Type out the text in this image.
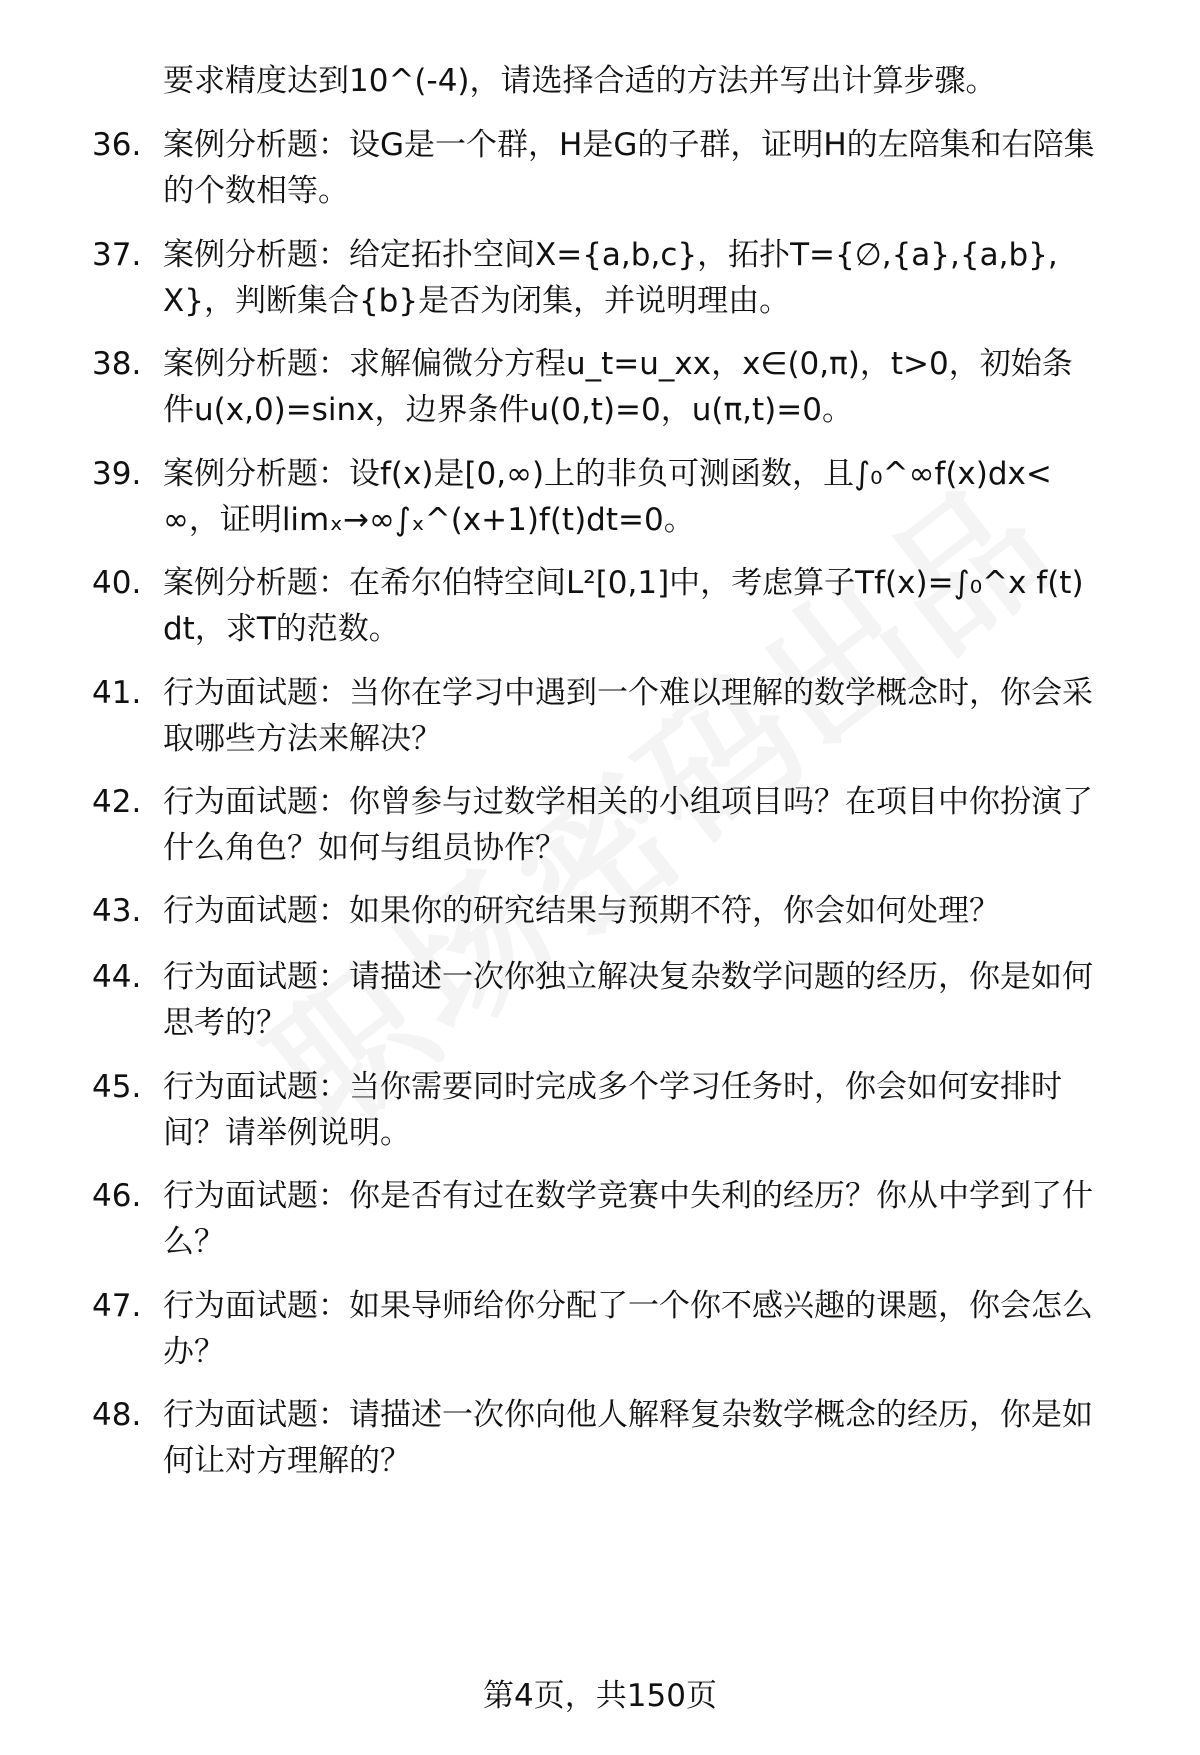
要求精度达到10^(-4)，请选择合适的方法并写出计算步骤。
36. 案例分析题：设G是一个群，H是G的子群，证明H的左陪集和右陪集的个数相等。
37. 案例分析题：给定拓扑空间X={a,b,c}，拓扑T={∅,{a},{a,b},X}，判断集合{b}是否为闭集，并说明理由。
38. 案例分析题：求解偏微分方程u_t=u_xx，x∈(0,π)，t>0，初始条件u(x,0)=sinx，边界条件u(0,t)=0，u(π,t)=0。
39. 案例分析题：设f(x)是[0,∞)上的非负可测函数，且∫₀^∞f(x)dx<∞，证明limₓ→∞∫ₓ^(x+1)f(t)dt=0。
40. 案例分析题：在希尔伯特空间L²[0,1]中，考虑算子Tf(x)=∫₀^x f(t)dt，求T的范数。
41. 行为面试题：当你在学习中遇到一个难以理解的数学概念时，你会采取哪些方法来解决？
42. 行为面试题：你曾参与过数学相关的小组项目吗？在项目中你扮演了什么角色？如何与组员协作？
43. 行为面试题：如果你的研究结果与预期不符，你会如何处理？
44. 行为面试题：请描述一次你独立解决复杂数学问题的经历，你是如何思考的？
45. 行为面试题：当你需要同时完成多个学习任务时，你会如何安排时间？请举例说明。
46. 行为面试题：你是否有过在数学竞赛中失利的经历？你从中学到了什么？
47. 行为面试题：如果导师给你分配了一个你不感兴趣的课题，你会怎么办？
48. 行为面试题：请描述一次你向他人解释复杂数学概念的经历，你是如何让对方理解的？
第4页，共150页
